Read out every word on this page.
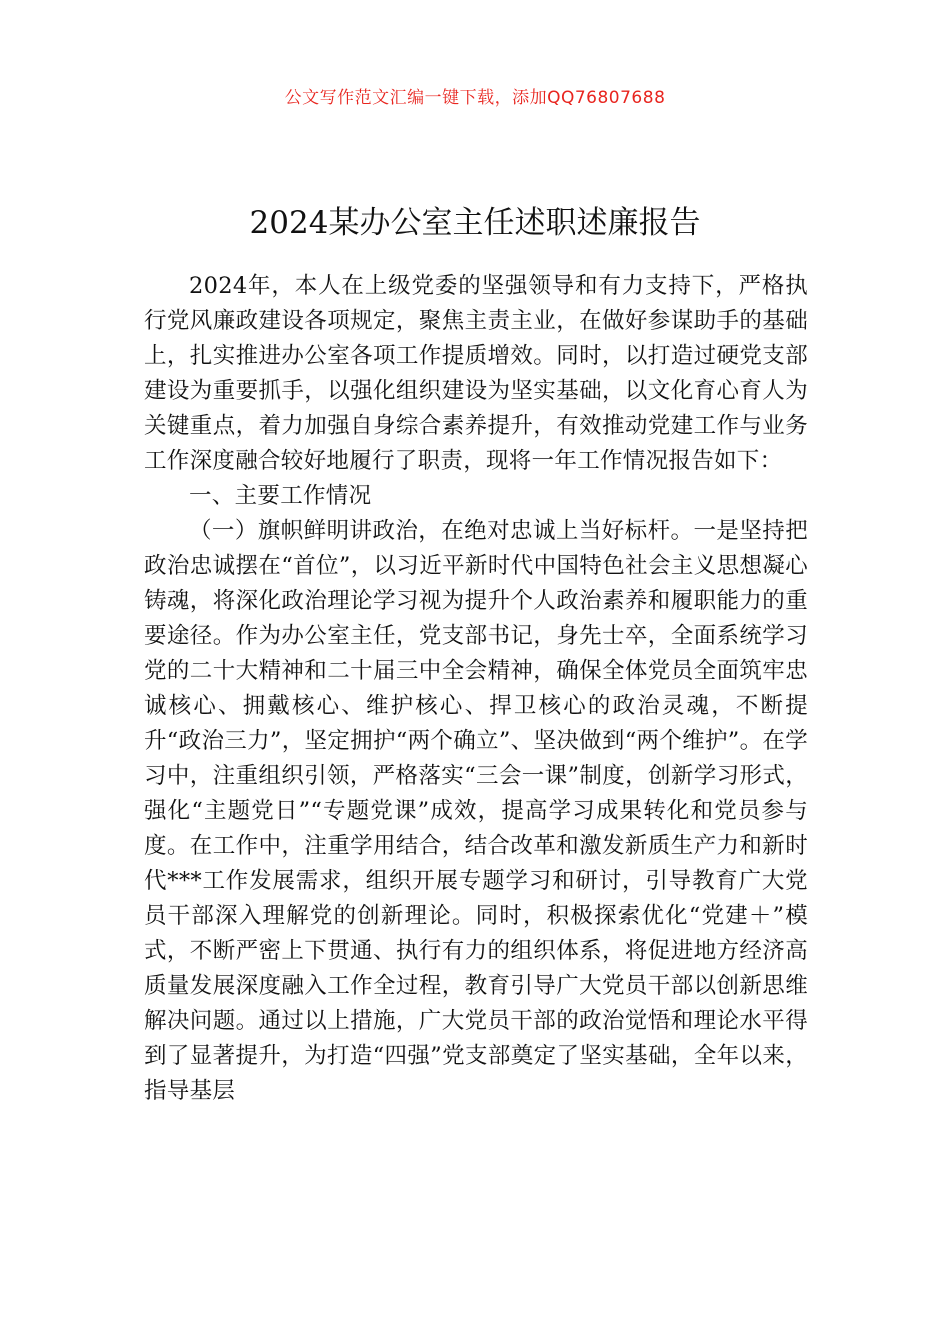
公文写作范文汇编一键下载，添加QQ76807688
2024某办公室主任述职述廉报告

2024年，本人在上级党委的坚强领导和有力支持下，严格执行党风廉政建设各项规定，聚焦主责主业，在做好参谋助手的基础上，扎实推进办公室各项工作提质增效。同时，以打造过硬党支部建设为重要抓手，以强化组织建设为坚实基础，以文化育心育人为关键重点，着力加强自身综合素养提升，有效推动党建工作与业务工作深度融合较好地履行了职责，现将一年工作情况报告如下：

一、主要工作情况

（一）旗帜鲜明讲政治，在绝对忠诚上当好标杆。一是坚持把政治忠诚摆在“首位”，以习近平新时代中国特色社会主义思想凝心铸魂，将深化政治理论学习视为提升个人政治素养和履职能力的重要途径。作为办公室主任，党支部书记，身先士卒，全面系统学习党的二十大精神和二十届三中全会精神，确保全体党员全面筑牢忠诚核心、拥戴核心、维护核心、捍卫核心的政治灵魂，不断提升“政治三力”，坚定拥护“两个确立”、坚决做到“两个维护”。在学习中，注重组织引领，严格落实“三会一课”制度，创新学习形式，强化“主题党日”“专题党课”成效，提高学习成果转化和党员参与度。在工作中，注重学用结合，结合改革和激发新质生产力和新时代***工作发展需求，组织开展专题学习和研讨，引导教育广大党员干部深入理解党的创新理论。同时，积极探索优化“党建＋”模式，不断严密上下贯通、执行有力的组织体系，将促进地方经济高质量发展深度融入工作全过程，教育引导广大党员干部以创新思维解决问题。通过以上措施，广大党员干部的政治觉悟和理论水平得到了显著提升，为打造“四强”党支部奠定了坚实基础，全年以来，指导基层
